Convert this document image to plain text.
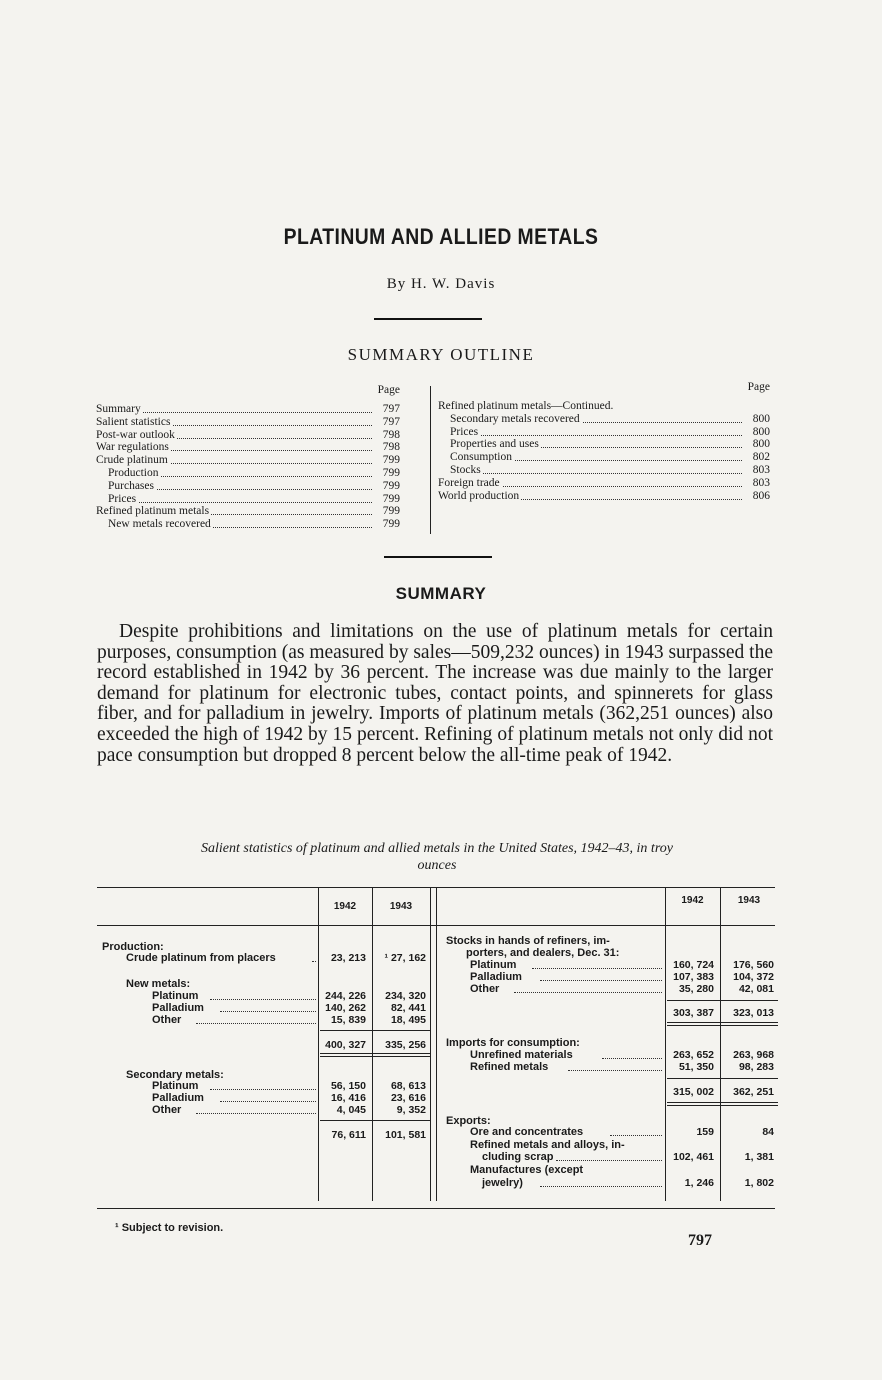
PLATINUM AND ALLIED METALS
By H. W. Davis
SUMMARY OUTLINE
Page
Summary	797
Salient statistics	797
Post-war outlook	798
War regulations	798
Crude platinum	799
Production	799
Purchases	799
Prices	799
Refined platinum metals	799
New metals recovered	799
Page
Refined platinum metals—Continued.
Secondary metals recovered	800
Prices	800
Properties and uses	800
Consumption	802
Stocks	803
Foreign trade	803
World production	806
SUMMARY
Despite prohibitions and limitations on the use of platinum metals for certain purposes, consumption (as measured by sales—509,232 ounces) in 1943 surpassed the record established in 1942 by 36 percent. The increase was due mainly to the larger demand for platinum for electronic tubes, contact points, and spinnerets for glass fiber, and for palladium in jewelry. Imports of platinum metals (362,251 ounces) also exceeded the high of 1942 by 15 percent. Refining of platinum metals not only did not pace consumption but dropped 8 percent below the all-time peak of 1942.
Salient statistics of platinum and allied metals in the United States, 1942–43, in troy
ounces
1942	1943
1942	1943
Production:
Crude platinum from placers	23, 213	¹ 27, 162
New metals:
Platinum	244, 226	234, 320
Palladium	140, 262	82, 441
Other	15, 839	18, 495
400, 327	335, 256
Secondary metals:
Platinum	56, 150	68, 613
Palladium	16, 416	23, 616
Other	4, 045	9, 352
76, 611	101, 581
Stocks in hands of refiners, im-
porters, and dealers, Dec. 31:
Platinum	160, 724	176, 560
Palladium	107, 383	104, 372
Other	35, 280	42, 081
303, 387	323, 013
Imports for consumption:
Unrefined materials	263, 652	263, 968
Refined metals	51, 350	98, 283
315, 002	362, 251
Exports:
Ore and concentrates	159	84
Refined metals and alloys, in-
cluding scrap	102, 461	1, 381
Manufactures (except
jewelry)	1, 246	1, 802
¹ Subject to revision.
797
